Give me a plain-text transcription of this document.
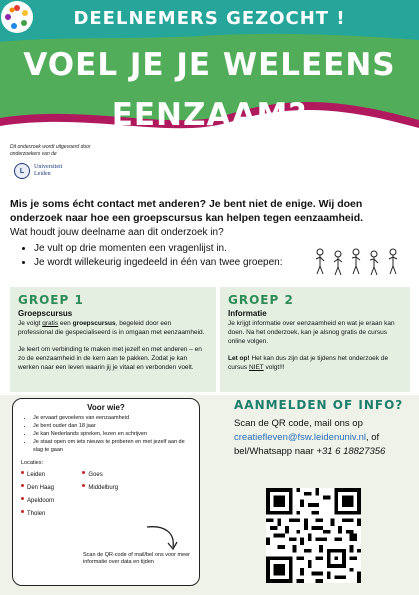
DEELNEMERS GEZOCHT !
VOEL JE JE WELEENS
EENZAAM?
Dit onderzoek wordt uitgevoerd door onderzoekers van de
L
Universiteit
Leiden
Mis je soms écht contact met anderen? Je bent niet de enige. Wij doen onderzoek naar hoe een groepscursus kan helpen tegen eenzaamheid.
Wat houdt jouw deelname aan dit onderzoek in?
• Je vult op drie momenten een vragenlijst in.
• Je wordt willekeurig ingedeeld in één van twee groepen:
GROEP 1
Groepscursus
Je volgt gratis een groepscursus, begeleid door een professional die gespecialiseerd is in omgaan met eenzaamheid.
Je leert om verbinding te maken met jezelf en met anderen – en zo de eenzaamheid in de kern aan te pakken. Zodat je kan werken naar een leven waarin jij je vitaal en verbonden voelt.
GROEP 2
Informatie
Je krijgt informatie over eenzaamheid en wat je eraan kan doen. Na het onderzoek, kan je alsnog gratis de cursus online volgen.
Let op! Het kan dus zijn dat je tijdens het onderzoek de cursus NIET volgt!!!
Voor wie?
• Je ervaart gevoelens van eenzaamheid
• Je bent ouder dan 18 jaar
• Je kan Nederlands spreken, lezen en schrijven
• Je staat open om iets nieuws te proberen en met jezelf aan de slag te gaan
Locaties:
Leiden
Den Haag
Apeldoorn
Tholen
Goes
Middelburg
Scan de QR-code of mail/bel ons voor meer informatie over data en tijden
AANMELDEN OF INFO?
Scan de QR code, mail ons op
creatiefleven@fsw.leidenuniv.nl, of bel/Whatsapp naar +31 6 18827356
